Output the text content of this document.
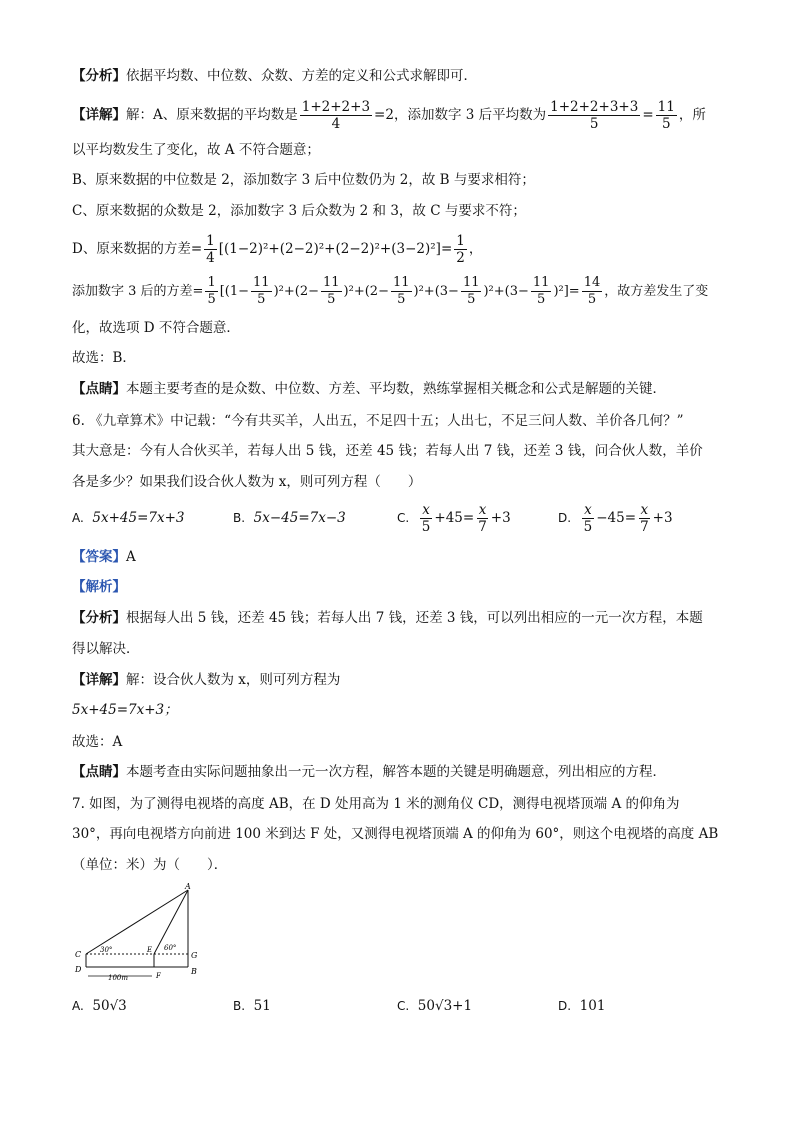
【分析】依据平均数、中位数、众数、方差的定义和公式求解即可．
【详解】解：A、原来数据的平均数是 $\frac{1+2+2+3}{4} =2$，添加数字 3 后平均数为 $\frac{1+2+2+3+3}{5} = \frac{11}{5}$ ，所
以平均数发生了变化，故 A 不符合题意；
B、原来数据的中位数是 2，添加数字 3 后中位数仍为 2，故 B 与要求相符；
C、原来数据的众数是 2，添加数字 3 后众数为 2 和 3，故 C 与要求不符；
D、原来数据的方差= $\frac{1}{4} [(1-2)^2+(2-2)^2+(2-2)^2+(3-2)^2]= \frac{1}{2}$ ，
添加数字 3 后的方差= $\frac{1}{5} [(1- \frac{11}{5} )^2+(2- \frac{11}{5} )^2+(2- \frac{11}{5} )^2+(3- \frac{11}{5} )^2+(3- \frac{11}{5} )^2]= \frac{14}{5}$ ，故方差发生了变
化，故选项 D 不符合题意．
故选：B．
【点睛】本题主要考查的是众数、中位数、方差、平均数，熟练掌握相关概念和公式是解题的关键．
6. 《九章算术》中记载：“今有共买羊，人出五，不足四十五；人出七，不足三问人数、羊价各几何？”
其大意是：今有人合伙买羊，若每人出 5 钱，还差 45 钱；若每人出 7 钱，还差 3 钱，问合伙人数，羊价
各是多少？如果我们设合伙人数为 x，则可列方程（　　）
A. 5x+45=7x+3	B. 5x−45=7x−3	C. $\frac{x}{5} +45= \frac{x}{7} +3$	D. $\frac{x}{5} -45= \frac{x}{7} +3$
【答案】A
【解析】
【分析】根据每人出 5 钱，还差 45 钱；若每人出 7 钱，还差 3 钱，可以列出相应的一元一次方程，本题
得以解决．
【详解】解：设合伙人数为 x，则可列方程为
5x+45=7x+3；
故选：A
【点睛】本题考查由实际问题抽象出一元一次方程，解答本题的关键是明确题意，列出相应的方程．
7. 如图，为了测得电视塔的高度 AB，在 D 处用高为 1 米的测角仪 CD，测得电视塔顶端 A 的仰角为
30°，再向电视塔方向前进 100 米到达 F 处，又测得电视塔顶端 A 的仰角为 60°，则这个电视塔的高度 AB
（单位：米）为（　　）．
A
C
D
E
F
G
B
30°	60°
100m
A. 50√3	B. 51	C. 50√3+1	D. 101
